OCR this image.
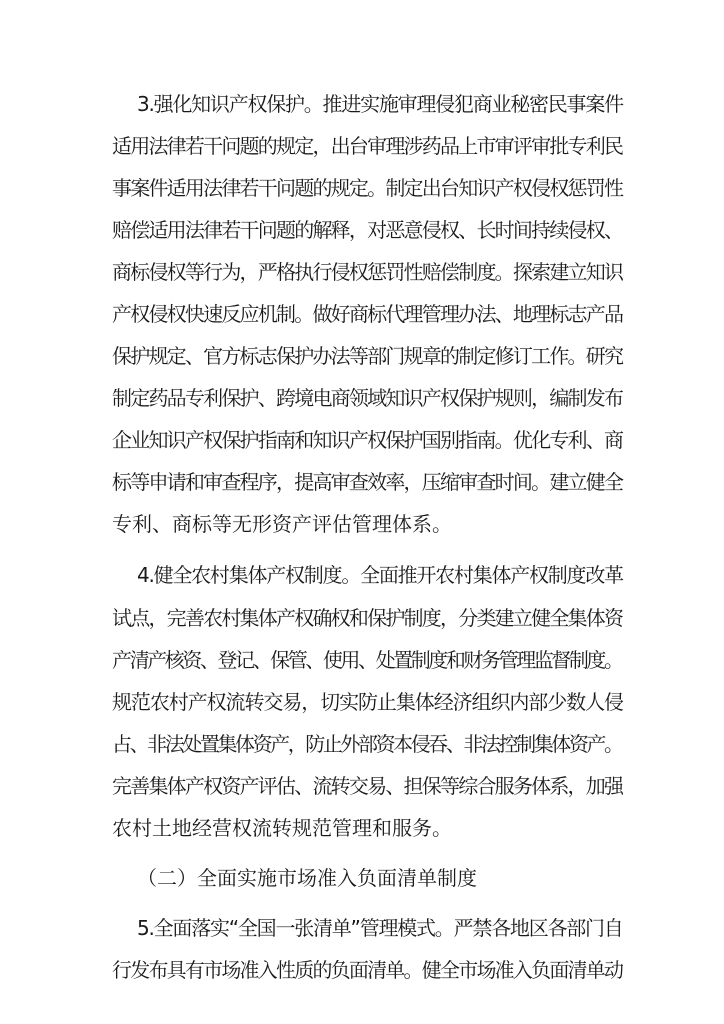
3.强化知识产权保护。推进实施审理侵犯商业秘密民事案件
适用法律若干问题的规定，出台审理涉药品上市审评审批专利民
事案件适用法律若干问题的规定。制定出台知识产权侵权惩罚性
赔偿适用法律若干问题的解释，对恶意侵权、长时间持续侵权、
商标侵权等行为，严格执行侵权惩罚性赔偿制度。探索建立知识
产权侵权快速反应机制。做好商标代理管理办法、地理标志产品
保护规定、官方标志保护办法等部门规章的制定修订工作。研究
制定药品专利保护、跨境电商领域知识产权保护规则，编制发布
企业知识产权保护指南和知识产权保护国别指南。优化专利、商
标等申请和审查程序，提高审查效率，压缩审查时间。建立健全
专利、商标等无形资产评估管理体系。
4.健全农村集体产权制度。全面推开农村集体产权制度改革
试点，完善农村集体产权确权和保护制度，分类建立健全集体资
产清产核资、登记、保管、使用、处置制度和财务管理监督制度。
规范农村产权流转交易，切实防止集体经济组织内部少数人侵
占、非法处置集体资产，防止外部资本侵吞、非法控制集体资产。
完善集体产权资产评估、流转交易、担保等综合服务体系，加强
农村土地经营权流转规范管理和服务。
（二）全面实施市场准入负面清单制度
5.全面落实“全国一张清单”管理模式。严禁各地区各部门自
行发布具有市场准入性质的负面清单。健全市场准入负面清单动
